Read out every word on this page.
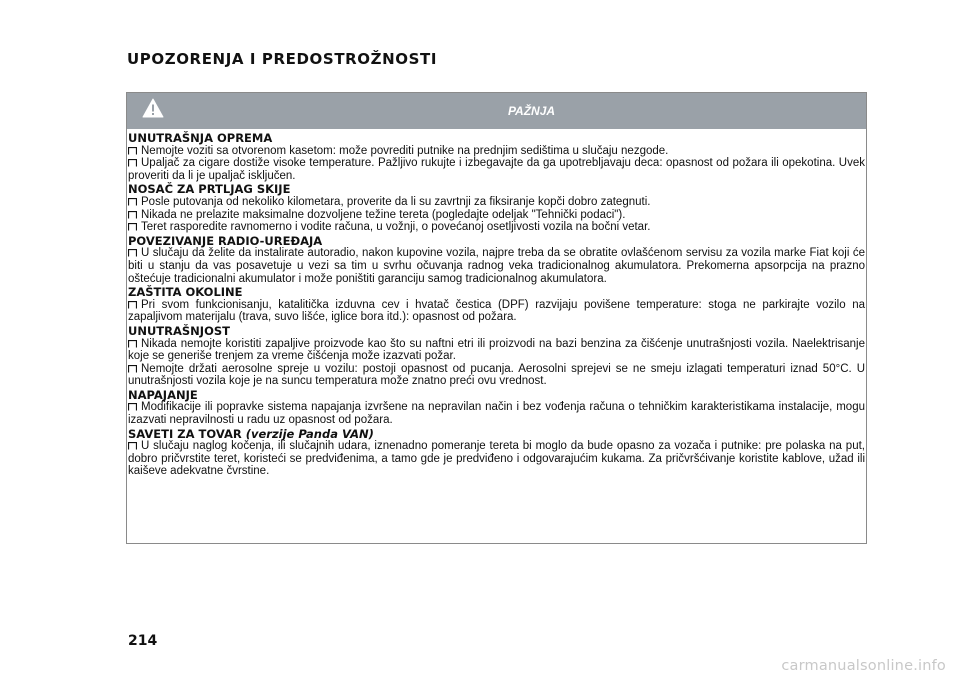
UPOZORENJA I PREDOSTROŽNOSTI
PAŽNJA
UNUTRAŠNJA OPREMA

Nemojte voziti sa otvorenom kasetom: može povrediti putnike na prednjim sedištima u slučaju nezgode.

Upaljač za cigare dostiže visoke temperature. Pažljivo rukujte i izbegavajte da ga upotrebljavaju deca: opasnost od požara ili opekotina. Uvek proveriti da li je upaljač isključen.

NOSAČ ZA PRTLJAG SKIJE

Posle putovanja od nekoliko kilometara, proverite da li su zavrtnji za fiksiranje kopči dobro zategnuti.

Nikada ne prelazite maksimalne dozvoljene težine tereta (pogledajte odeljak "Tehnički podaci").

Teret rasporedite ravnomerno i vodite računa, u vožnji, o povećanoj osetljivosti vozila na bočni vetar.

POVEZIVANJE RADIO-UREĐAJA

U slučaju da želite da instalirate autoradio, nakon kupovine vozila, najpre treba da se obratite ovlašćenom servisu za vozila marke Fiat koji će biti u stanju da vas posavetuje u vezi sa tim u svrhu očuvanja radnog veka tradicionalnog akumulatora. Prekomerna apsorpcija na prazno oštećuje tradicionalni akumulator i može poništiti garanciju samog tradicionalnog akumulatora.

ZAŠTITA OKOLINE

Pri svom funkcionisanju, katalitička izduvna cev i hvatač čestica (DPF) razvijaju povišene temperature: stoga ne parkirajte vozilo na zapaljivom materijalu (trava, suvo lišće, iglice bora itd.): opasnost od požara.

UNUTRAŠNJOST

Nikada nemojte koristiti zapaljive proizvode kao što su naftni etri ili proizvodi na bazi benzina za čišćenje unutrašnjosti vozila. Naelektrisanje koje se generiše trenjem za vreme čišćenja može izazvati požar.

Nemojte držati aerosolne spreje u vozilu: postoji opasnost od pucanja. Aerosolni sprejevi se ne smeju izlagati temperaturi iznad 50°C. U unutrašnjosti vozila koje je na suncu temperatura može znatno preći ovu vrednost.

NAPAJANJE

Modifikacije ili popravke sistema napajanja izvršene na nepravilan način i bez vođenja računa o tehničkim karakteristikama instalacije, mogu izazvati nepravilnosti u radu uz opasnost od požara.

SAVETI ZA TOVAR (verzije Panda VAN)

U slučaju naglog kočenja, ili slučajnih udara, iznenadno pomeranje tereta bi moglo da bude opasno za vozača i putnike: pre polaska na put, dobro pričvrstite teret, koristeći se predviđenima, a tamo gde je predviđeno i odgovarajućim kukama. Za pričvršćivanje koristite kablove, užad ili kaiševe adekvatne čvrstine.

214
carmanualsonline.info
